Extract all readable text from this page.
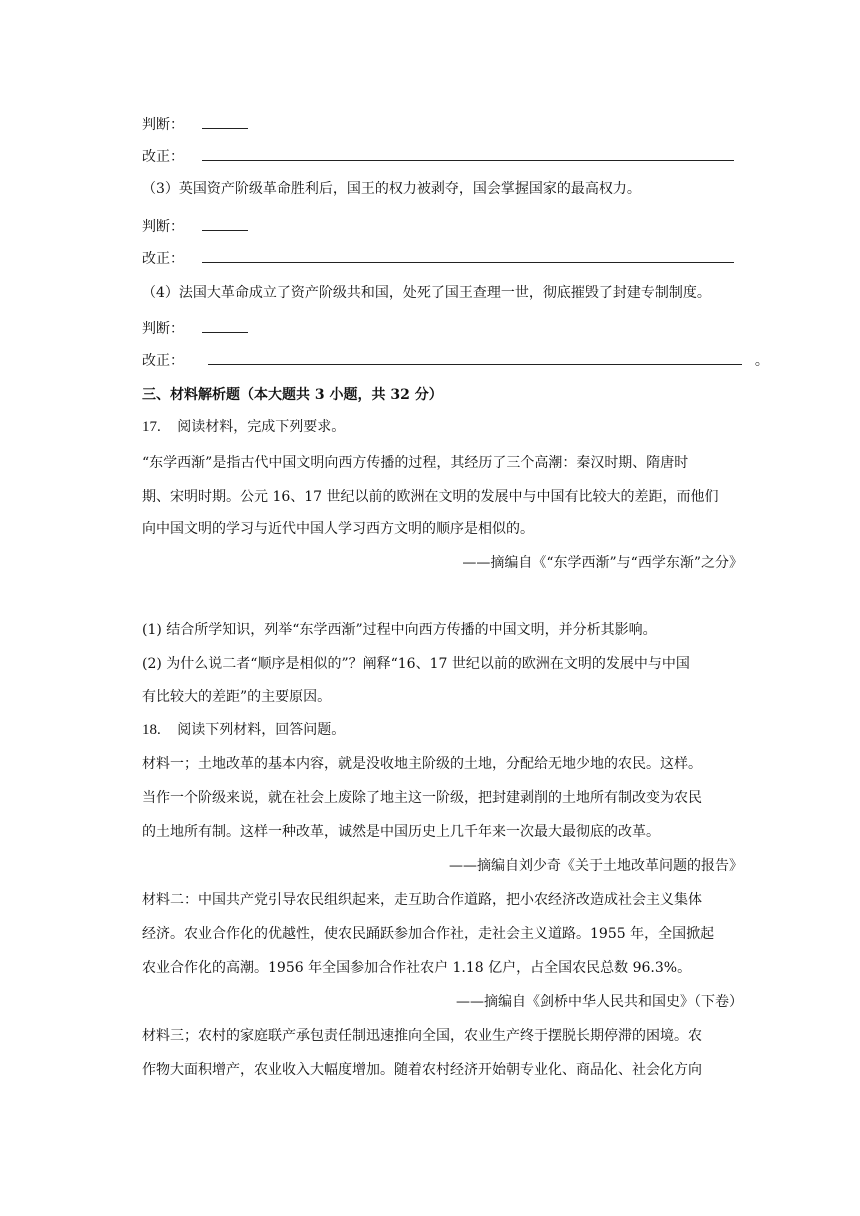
判断：
改正：
（3）英国资产阶级革命胜利后，国王的权力被剥夺，国会掌握国家的最高权力。
判断：
改正：
（4）法国大革命成立了资产阶级共和国，处死了国王查理一世，彻底摧毁了封建专制制度。
判断：
改正：	。
三、材料解析题（本大题共 3 小题，共 32 分）
17. 阅读材料，完成下列要求。
“东学西渐”是指古代中国文明向西方传播的过程，其经历了三个高潮：秦汉时期、隋唐时
期、宋明时期。公元 16、17 世纪以前的欧洲在文明的发展中与中国有比较大的差距，而他们
向中国文明的学习与近代中国人学习西方文明的顺序是相似的。
——摘编自《“东学西渐”与“西学东渐”之分》
(1) 结合所学知识，列举“东学西渐”过程中向西方传播的中国文明，并分析其影响。
(2) 为什么说二者“顺序是相似的”？阐释“16、17 世纪以前的欧洲在文明的发展中与中国
有比较大的差距”的主要原因。
18. 阅读下列材料，回答问题。
材料一；土地改革的基本内容，就是没收地主阶级的土地，分配给无地少地的农民。这样。
当作一个阶级来说，就在社会上废除了地主这一阶级，把封建剥削的土地所有制改变为农民
的土地所有制。这样一种改革，诚然是中国历史上几千年来一次最大最彻底的改革。
——摘编自刘少奇《关于土地改革问题的报告》
材料二：中国共产党引导农民组织起来，走互助合作道路，把小农经济改造成社会主义集体
经济。农业合作化的优越性，使农民踊跃参加合作社，走社会主义道路。1955 年，全国掀起
农业合作化的高潮。1956 年全国参加合作社农户 1.18 亿户，占全国农民总数 96.3%。
——摘编自《剑桥中华人民共和国史》（下卷）
材料三；农村的家庭联产承包责任制迅速推向全国，农业生产终于摆脱长期停滞的困境。农
作物大面积增产，农业收入大幅度增加。随着农村经济开始朝专业化、商品化、社会化方向
